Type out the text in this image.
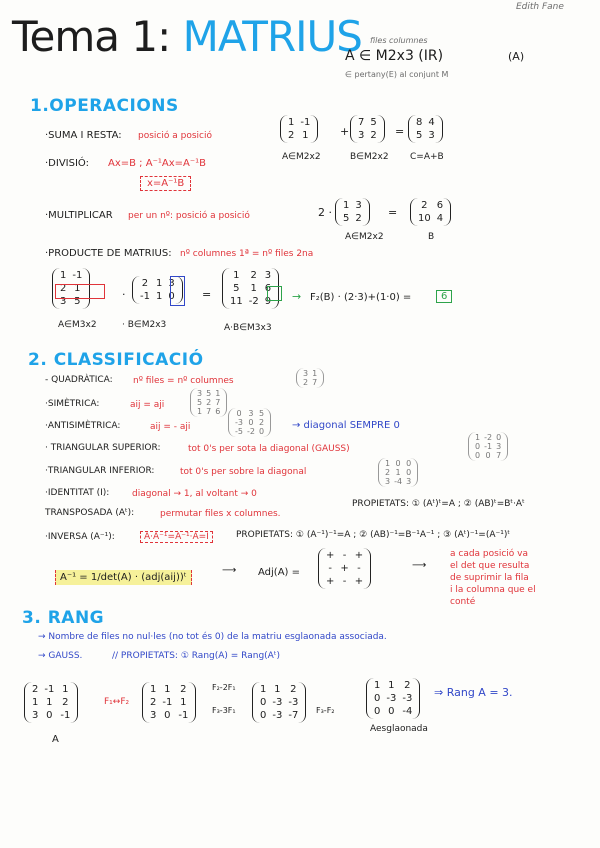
Edith Fane
Tema 1: MATRIUS files columnes
A ∈ M2x3 (IR)	(A)
∈ pertany(E) al conjunt M
1.OPERACIONS
·SUMA I RESTA: posició a posició
1	-1
2	1	+
7	5
3	2 =
8	4
5	3
A∈M2x2	B∈M2x2 C=A+B
·DIVISIÓ: Ax=B ; A⁻¹Ax=A⁻¹B
x=A⁻¹B
·MULTIPLICAR per un nº: posició a posició	2 ·
1	3
5	2 =
2	6
10	4
A∈M2x2	B
·PRODUCTE DE MATRIUS: nº columnes 1ª = nº files 2na
1	-1
2	1
3	5
·
2	1	3
-1	1	0 =
1	2	3
5	1	6
11	-2	9 → F₂(B) · (2·3)+(1·0) =	6
A∈M3x2	· B∈M2x3	A·B∈M3x3
2. CLASSIFICACIÓ
- QUADRÀTICA: nº files = nº columnes
3	1
2	7
·SIMÈTRICA:	aij = aji
3	5	1
5	2	7
1	7	6
·ANTISIMÈTRICA:	aij = - aji
0	3	5
-3	0	2
-5	-2	0
→ diagonal SEMPRE 0
· TRIANGULAR SUPERIOR:	tot 0's per sota la diagonal (GAUSS)
1	-2	0
0	-1	3
0	0	7
·TRIANGULAR INFERIOR:	tot 0's per sobre la diagonal
1	0	0
2	1	0
3	-4	3
·IDENTITAT (I):	diagonal → 1, al voltant → 0
TRANSPOSADA (Aᵗ):	permutar files x columnes.
PROPIETATS: ① (Aᵗ)ᵗ=A ; ② (AB)ᵗ=Bᵗ·Aᵗ
·INVERSA (A⁻¹):	A·A⁻¹=A⁻¹·A=I	PROPIETATS: ① (A⁻¹)⁻¹=A ; ② (AB)⁻¹=B⁻¹A⁻¹ ; ③ (Aᵗ)⁻¹=(A⁻¹)ᵗ
A⁻¹ = 1/det(A) · (adj(aij))ᵗ
⟶ Adj(A) =
+	-	+
-	+	-
+	-	+
⟶
a cada posició va
el det que resulta
de suprimir la fila
i la columna que el
conté
3. RANG
→ Nombre de files no nul·les (no tot és 0) de la matriu esglaonada associada.
→ GAUSS.	// PROPIETATS: ① Rang(A) = Rang(Aᵗ)
2	-1	1
1	1	2
3	0	-1
F₁↔F₂
1	1	2
2	-1	1
3	0	-1
F₂-2F₁
F₃-3F₁
1	1	2
0	-3	-3
0	-3	-7 F₃-F₂
1	1	2
0	-3	-3
0	0	-4
⇒ Rang A = 3.
A
Aesglaonada
